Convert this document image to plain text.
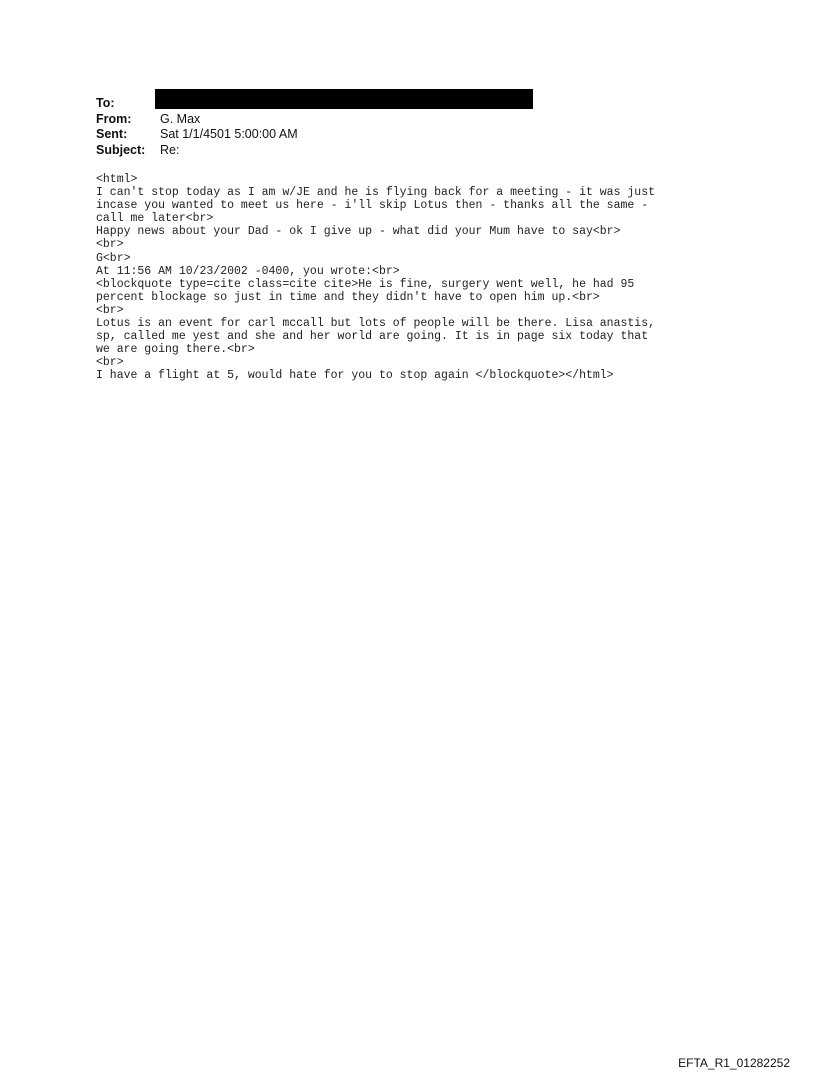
To:
From:	G. Max
Sent:	Sat 1/1/4501 5:00:00 AM
Subject:	Re:
<html>
I can't stop today as I am w/JE and he is flying back for a meeting - it was just
incase you wanted to meet us here - i'll skip Lotus then - thanks all the same -
call me later<br>
Happy news about your Dad - ok I give up - what did your Mum have to say<br>
<br>
G<br>
At 11:56 AM 10/23/2002 -0400, you wrote:<br>
<blockquote type=cite class=cite cite>He is fine, surgery went well, he had 95
percent blockage so just in time and they didn't have to open him up.<br>
<br>
Lotus is an event for carl mccall but lots of people will be there. Lisa anastis,
sp, called me yest and she and her world are going. It is in page six today that
we are going there.<br>
<br>
I have a flight at 5, would hate for you to stop again </blockquote></html>
EFTA_R1_01282252
